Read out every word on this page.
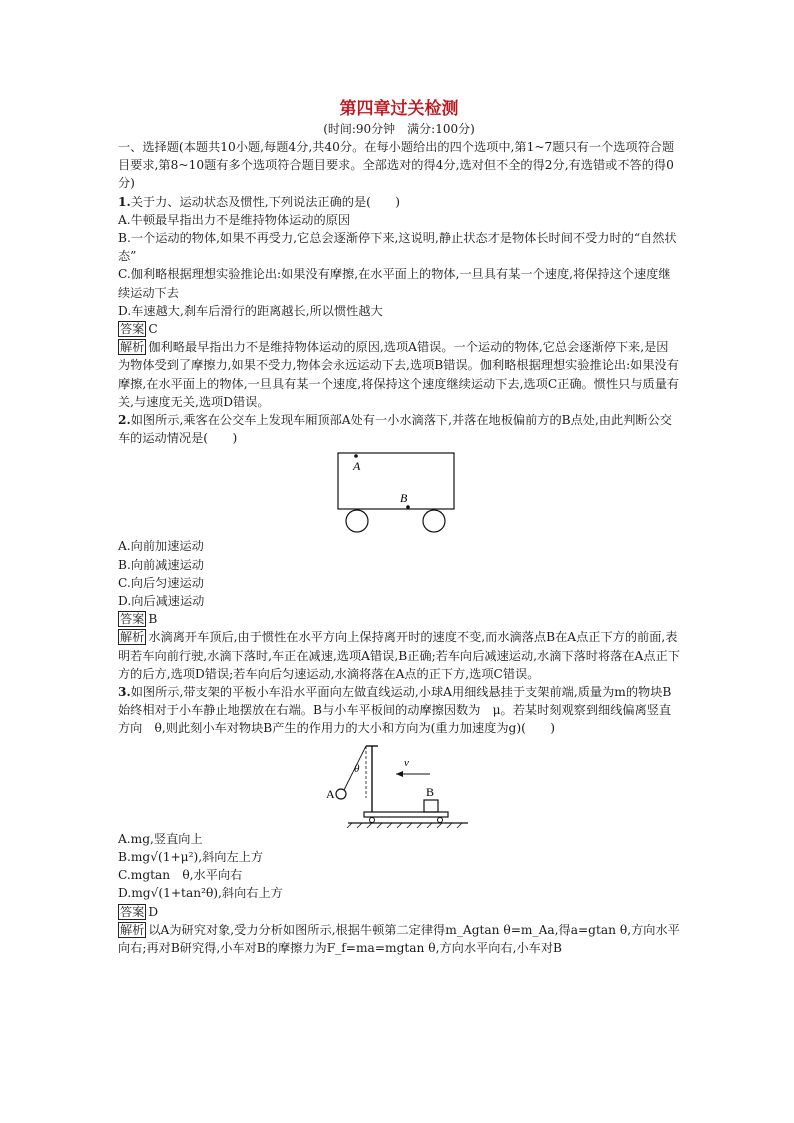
第四章过关检测

(时间:90分钟　满分:100分)

一、选择题(本题共10小题,每题4分,共40分。在每小题给出的四个选项中,第1~7题只有一个选项符合题目要求,第8~10题有多个选项符合题目要求。全部选对的得4分,选对但不全的得2分,有选错或不答的得0分)

1.关于力、运动状态及惯性,下列说法正确的是(　　)

A.牛顿最早指出力不是维持物体运动的原因

B.一个运动的物体,如果不再受力,它总会逐渐停下来,这说明,静止状态才是物体长时间不受力时的“自然状态”

C.伽利略根据理想实验推论出:如果没有摩擦,在水平面上的物体,一旦具有某一个速度,将保持这个速度继续运动下去

D.车速越大,刹车后滑行的距离越长,所以惯性越大

答案 C

解析 伽利略最早指出力不是维持物体运动的原因,选项A错误。一个运动的物体,它总会逐渐停下来,是因为物体受到了摩擦力,如果不受力,物体会永远运动下去,选项B错误。伽利略根据理想实验推论出:如果没有摩擦,在水平面上的物体,一旦具有某一个速度,将保持这个速度继续运动下去,选项C正确。惯性只与质量有关,与速度无关,选项D错误。

2.如图所示,乘客在公交车上发现车厢顶部A处有一小水滴落下,并落在地板偏前方的B点处,由此判断公交车的运动情况是(　　)

A
B

A.向前加速运动

B.向前减速运动

C.向后匀速运动

D.向后减速运动

答案 B

解析 水滴离开车顶后,由于惯性在水平方向上保持离开时的速度不变,而水滴落点B在A点正下方的前面,表明若车向前行驶,水滴下落时,车正在减速,选项A错误,B正确;若车向后减速运动,水滴下落时将落在A点正下方的后方,选项D错误;若车向后匀速运动,水滴将落在A点的正下方,选项C错误。

3.如图所示,带支架的平板小车沿水平面向左做直线运动,小球A用细线悬挂于支架前端,质量为m的物块B始终相对于小车静止地摆放在右端。B与小车平板间的动摩擦因数为　μ。若某时刻观察到细线偏离竖直方向　θ,则此刻小车对物块B产生的作用力的大小和方向为(重力加速度为g)(　　)

θ
A
v
B

A.mg,竖直向上

B.mg√(1+μ²),斜向左上方

C.mgtan　θ,水平向右

D.mg√(1+tan²θ),斜向右上方

答案 D

解析 以A为研究对象,受力分析如图所示,根据牛顿第二定律得m_Agtan θ=m_Aa,得a=gtan θ,方向水平向右;再对B研究得,小车对B的摩擦力为F_f=ma=mgtan θ,方向水平向右,小车对B
